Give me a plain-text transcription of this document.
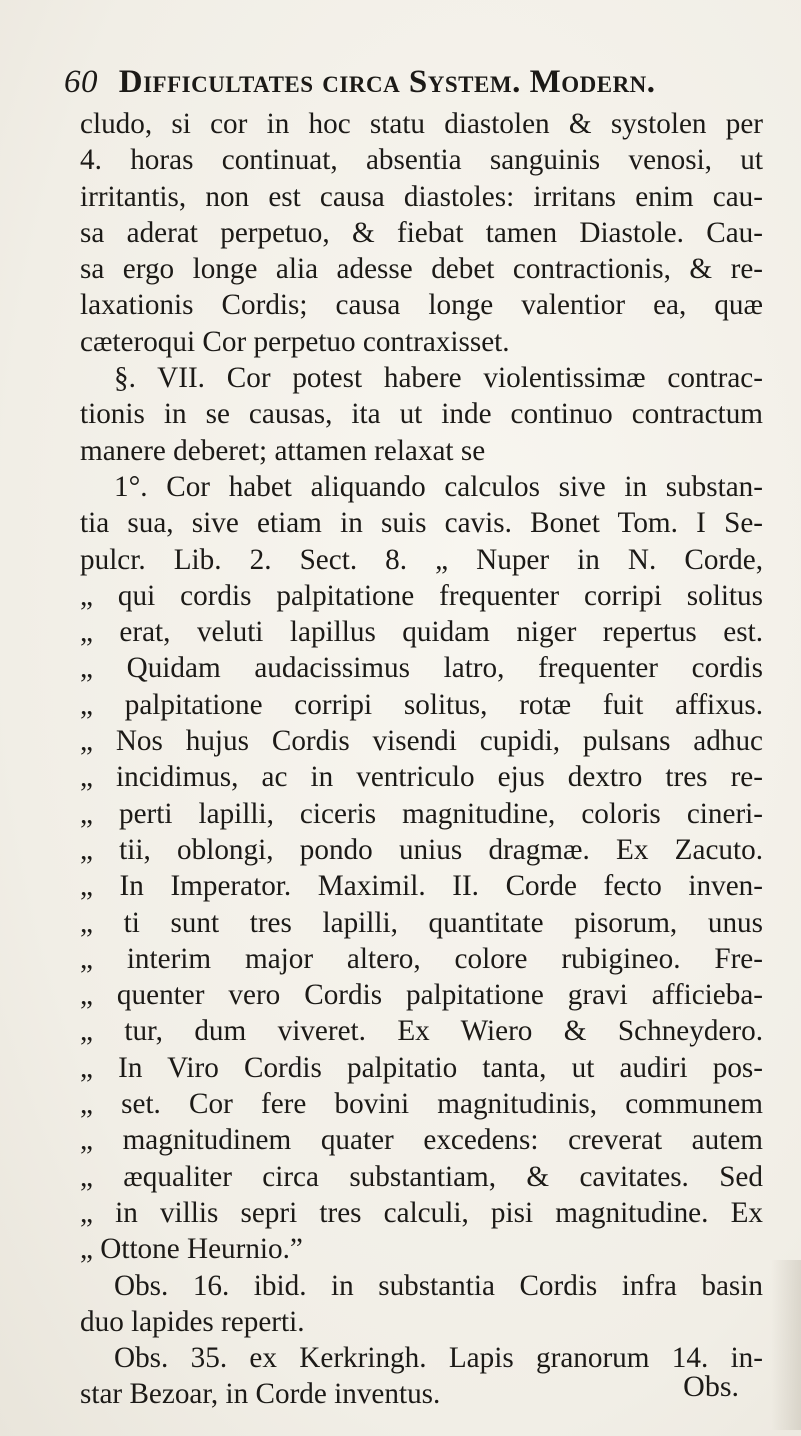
60 Difficultates circa System. Modern.
cludo, si cor in hoc statu diastolen & systolen per
4. horas continuat, absentia sanguinis venosi, ut
irritantis, non est causa diastoles: irritans enim cau-
sa aderat perpetuo, & fiebat tamen Diastole. Cau-
sa ergo longe alia adesse debet contractionis, & re-
laxationis Cordis; causa longe valentior ea, quæ
cæteroqui Cor perpetuo contraxisset.
§. VII. Cor potest habere violentissimæ contrac-
tionis in se causas, ita ut inde continuo contractum
manere deberet; attamen relaxat se
1°. Cor habet aliquando calculos sive in substan-
tia sua, sive etiam in suis cavis. Bonet Tom. I Se-
pulcr. Lib. 2. Sect. 8. „ Nuper in N. Corde,
„ qui cordis palpitatione frequenter corripi solitus
„ erat, veluti lapillus quidam niger repertus est.
„ Quidam audacissimus latro, frequenter cordis
„ palpitatione corripi solitus, rotæ fuit affixus.
„ Nos hujus Cordis visendi cupidi, pulsans adhuc
„ incidimus, ac in ventriculo ejus dextro tres re-
„ perti lapilli, ciceris magnitudine, coloris cineri-
„ tii, oblongi, pondo unius dragmæ. Ex Zacuto.
„ In Imperator. Maximil. II. Corde fecto inven-
„ ti sunt tres lapilli, quantitate pisorum, unus
„ interim major altero, colore rubigineo. Fre-
„ quenter vero Cordis palpitatione gravi afficieba-
„ tur, dum viveret. Ex Wiero & Schneydero.
„ In Viro Cordis palpitatio tanta, ut audiri pos-
„ set. Cor fere bovini magnitudinis, communem
„ magnitudinem quater excedens: creverat autem
„ æqualiter circa substantiam, & cavitates. Sed
„ in villis sepri tres calculi, pisi magnitudine. Ex
„ Ottone Heurnio.”
Obs. 16. ibid. in substantia Cordis infra basin
duo lapides reperti.
Obs. 35. ex Kerkringh. Lapis granorum 14. in-
star Bezoar, in Corde inventus.	Obs.
